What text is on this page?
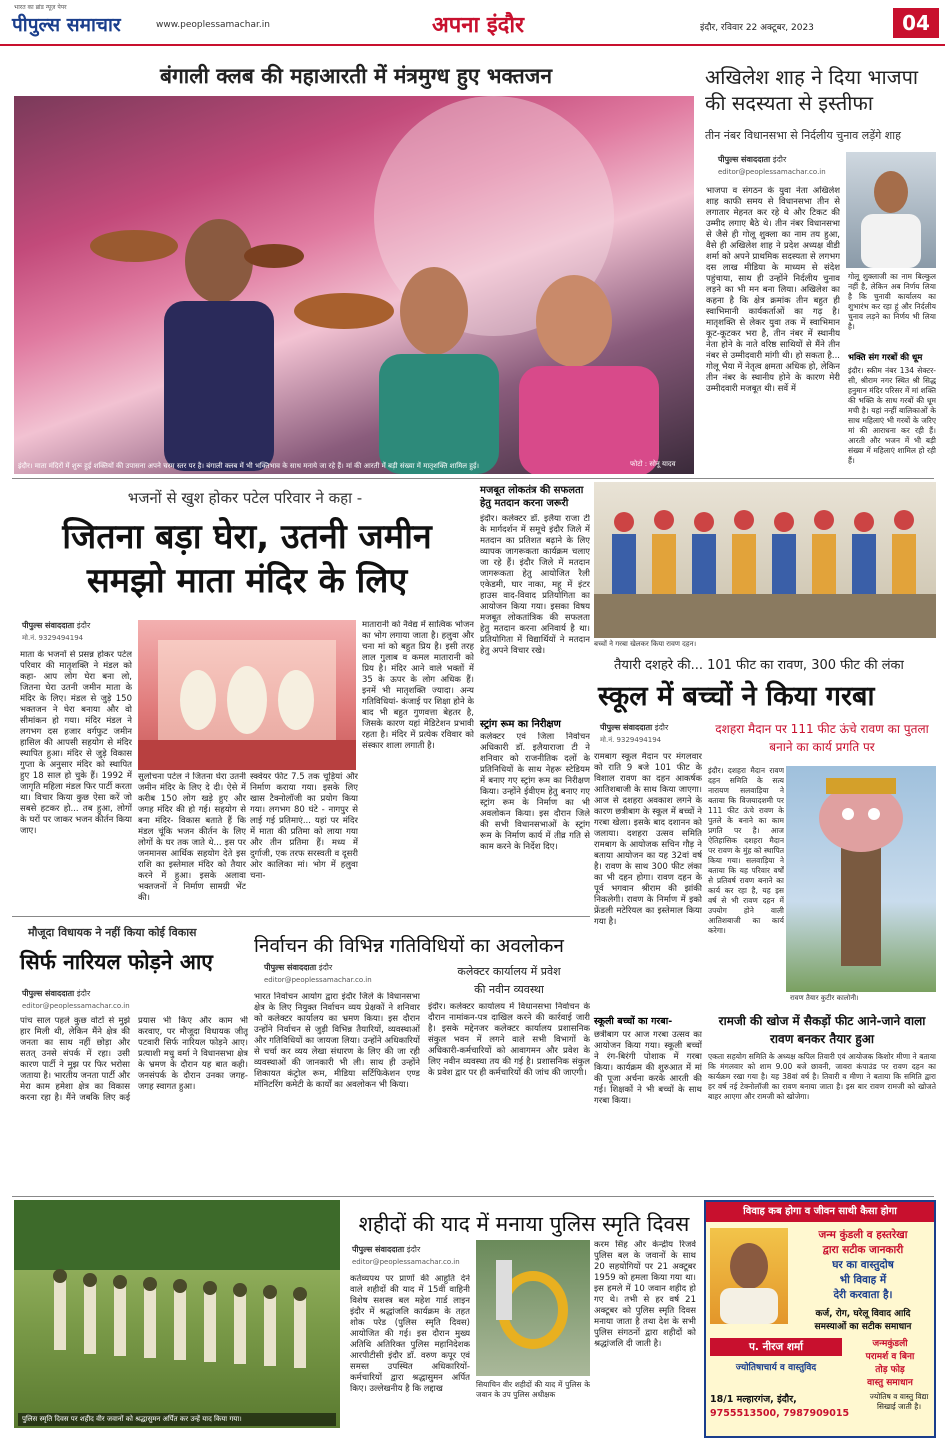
भारत का ब्रांड न्यूज़ पेपर
पीपुल्स समाचार	www.peoplessamachar.in	अपना इंदौर	इंदौर, रविवार 22 अक्टूबर, 2023	04
बंगाली क्लब की महाआरती में मंत्रमुग्ध हुए भक्तजन
इंदौर। माता मंदिरों में शुरू हुई शक्तियों की उपासना अपने चरम स्तर पर है। बंगाली क्लब में भी भक्तिभाव के साथ मनाये जा रहे हैं। मां की आरती में बड़ी संख्या में मातृशक्ति शामिल हुई।	फोटो : सोनू यादव
अखिलेश शाह ने दिया भाजपा की सदस्यता से इस्तीफा
तीन नंबर विधानसभा से निर्दलीय चुनाव लड़ेंगे शाह
पीपुल्स संवाददाता इंदौर
editor@peoplessamachar.co.in
भाजपा व संगठन के युवा नेता अखिलेश शाह काफी समय से विधानसभा तीन से लगातार मेहनत कर रहे थे और टिकट की उम्मीद लगाए बैठे थे। तीन नंबर विधानसभा से जैसे ही गोलू शुक्ला का नाम तय हुआ, वैसे ही अखिलेश शाह ने प्रदेश अध्यक्ष वीडी शर्मा को अपने प्राथमिक सदस्यता से लगभग दस लाख मीडिया के माध्यम से संदेश पहुंचाया, साथ ही उन्होंने निर्दलीय चुनाव लड़ने का भी मन बना लिया। अखिलेश का कहना है कि क्षेत्र क्रमांक तीन बहुत ही स्वाभिमानी कार्यकर्ताओं का गढ़ है। मातृशक्ति से लेकर युवा तक में स्वाभिमान कूट-कूटकर भरा है, तीन नंबर में स्थानीय नेता होने के नाते वरिष्ठ साथियों से मैंने तीन नंबर से उम्मीदवारी मांगी थी। हो सकता है... गोलू भैया में नेतृत्व क्षमता अधिक हो, लेकिन तीन नंबर के स्थानीय होने के कारण मेरी उम्मीदवारी मजबूत थी। सर्वे में
गोलू शुक्लाजी का नाम बिल्कुल नहीं है, लेकिन अब निर्णय लिया है कि चुनावी कार्यालय का शुभारंभ कर रहा हूं और निर्दलीय चुनाव लड़ने का निर्णय भी लिया है।
भक्ति संग गरबों की धूम
इंदौर। स्कीम नंबर 134 सेक्टर-सी, श्रीराम नगर स्थित श्री सिद्ध हनुमान मंदिर परिसर में मां शक्ति की भक्ति के साथ गरबों की धूम मची है। यहां नन्हीं बालिकाओं के साथ महिलाएं भी गरबों के जरिए मां की आराधना कर रही हैं। आरती और भजन में भी बड़ी संख्या में महिलाएं शामिल हो रही हैं।
भजनों से खुश होकर पटेल परिवार ने कहा -
जितना बड़ा घेरा, उतनी जमीन समझो माता मंदिर के लिए
पीपुल्स संवाददाता इंदौर
मो.नं. 9329494194
माता के भजनों से प्रसन्न होकर पटेल परिवार की मातृशक्ति ने मंडल को कहा- आप लोग घेरा बना लो, जितना घेरा उतनी जमीन माता के मंदिर के लिए। मंडल से जुड़े 150 भक्तजन ने घेरा बनाया और वो सीमांकन हो गया। मंदिर मंडल ने लगभग दस हजार वर्गफुट जमीन हासिल की आपसी सहयोग से मंदिर स्थापित हुआ। मंदिर से जुड़े विकास गुप्ता के अनुसार मंदिर को स्थापित हुए 18 साल हो चुके हैं। 1992 में जागृति महिला मंडल फिर पार्टी करता था। विचार किया कुछ ऐसा करें जो सबसे हटकर हो... तब हुआ, लोगों के घरों पर जाकर भजन कीर्तन किया जाए।
सुलोचना पटेल ने जितना घेरा उतनी जमीन मंदिर के लिए दे दी। ऐसे में करीब 150 लोग खड़े हुए और जगह मंदिर की हो गई। सहयोग से बना मंदिर- विकास बताते हैं कि मंडल चूंकि भजन कीर्तन के लिए लोगों के घर तक जाते थे... इस पर जनमानस आर्थिक सहयोग देते इस राशि का इस्तेमाल मंदिर को तैयार करने में हुआ। इसके अलावा भक्तजनों ने निर्माण सामग्री भेंट की।
स्क्वेयर फीट 7.5 तक चूड़ियां और निर्माण कराया गया। इसके लिए खास टैक्नोलॉजी का प्रयोग किया गया। लगभग 80 घंटे - नागपुर से लाई गई प्रतिमाएं... यहां पर मंदिर में माता की प्रतिमा को लाया गया और तीन प्रतिमा हैं। मध्य में दुर्गाजी, एक तरफ सरस्वती व दूसरी ओर कालिका मां। भोग में हलुवा चना-
मातारानी को नैवेद्य में सात्विक भोजन का भोग लगाया जाता है। हलुवा और चना मां को बहुत प्रिय है। इसी तरह लाल गुलाब व कमल मातारानी को प्रिय है। मंदिर आने वाले भक्तों में 35 के ऊपर के लोग अधिक हैं। इनमें भी मातृशक्ति ज्यादा। अन्य गतिविधियां- कंजाई पर शिक्षा होने के बाद भी बहुत गुणवत्ता बेहतर है, जिसके कारण यहां मेडिटेशन प्रभावी रहता है। मंदिर में प्रत्येक रविवार को संस्कार शाला लगाती है।
मजबूत लोकतंत्र की सफलता हेतु मतदान करना जरूरी
इंदौर। कलेक्टर डॉ. इलैया राजा टी के मार्गदर्शन में समूचे इंदौर जिले में मतदान का प्रतिशत बढ़ाने के लिए व्यापक जागरूकता कार्यक्रम चलाए जा रहे हैं। इंदौर जिले में मतदान जागरूकता हेतु आयोजित रैली एकेडमी, घार नाका, महू में इंटर हाउस वाद-विवाद प्रतियोगिता का आयोजन किया गया। इसका विषय मजबूत लोकतांत्रिक की सफलता हेतु मतदान करना अनिवार्य है था। प्रतियोगिता में विद्यार्थियों ने मतदान हेतु अपने विचार रखे।
स्ट्रांग रूम का निरीक्षण
कलेक्टर एवं जिला निर्वाचन अधिकारी डॉ. इलैयाराजा टी ने शनिवार को राजनीतिक दलों के प्रतिनिधियों के साथ नेहरू स्टेडियम में बनाए गए स्ट्रांग रूम का निरीक्षण किया। उन्होंने ईवीएम हेतु बनाए गए स्ट्रांग रूम के निर्माण का भी अवलोकन किया। इस दौरान जिले की सभी विधानसभाओं के स्ट्रांग रूम के निर्माण कार्य में तीव्र गति से काम करने के निर्देश दिए।
बच्चों ने गरबा खेलकर किया रावण दहन।
तैयारी दशहरे की... 101 फीट का रावण, 300 फीट की लंका
स्कूल में बच्चों ने किया गरबा
पीपुल्स संवाददाता इंदौर
मो.नं. 9329494194
रामबाग स्कूल मैदान पर मंगलवार को राति 9 बजे 101 फीट के विशाल रावण का दहन आकर्षक आतिशबाजी के साथ किया जाएगा। आज से दशहरा अवकाश लगने के कारण छत्रीबाग के स्कूल में बच्चों ने गरबा खेला। इसके बाद दशानन को जलाया। दशहरा उत्सव समिति रामबाग के आयोजक सचिन गौड़ ने बताया आयोजन का यह 32वां वर्ष है। रावण के साथ 300 फीट लंका का भी दहन होगा। रावण दहन के पूर्व भगवान श्रीराम की झांकी निकलेगी। रावण के निर्माण में इको फ्रेंडली मटेरियल का इस्तेमाल किया गया है।
स्कूली बच्चों का गरबा-
छत्रीबाग पर आज गरबा उत्सव का आयोजन किया गया। स्कूली बच्चों ने रंग-बिरंगी पोशाक में गरबा किया। कार्यक्रम की शुरुआत में मां की पूजा अर्चना करके आरती की गई। शिक्षकों ने भी बच्चों के साथ गरबा किया।
दशहरा मैदान पर 111 फीट ऊंचे रावण का पुतला बनाने का कार्य प्रगति पर
इंदौर। दशहरा मैदान रावण दहन समिति के सत्य नारायण सलवाड़िया ने बताया कि विजयादशमी पर 111 फीट ऊंचे रावण के पुतले के बनाने का काम प्रगति पर है। आज ऐतिहासिक दशहरा मैदान पर रावण के मुंह को स्थापित किया गया। सलवाड़िया ने बताया कि यह परिवार वर्षों से प्रतिवर्ष रावण बनाने का कार्य कर रहा है, यह इस वर्ष से भी रावण दहन में उपयोग होने वाली आतिशबाजी का कार्य करेगा।
रावण तैयार कुटीर कालोनी।
रामजी की खोज में सैकड़ों फीट आने-जाने वाला रावण बनकर तैयार हुआ
एकता सहयोग समिति के अध्यक्ष कपिल तिवारी एवं आयोजक किशोर मीणा ने बताया कि मंगलवार को शाम 9.00 बजे छावनी, जावरा कंपाउंड पर रावण दहन का कार्यक्रम रखा गया है। यह 38वां वर्ष है। तिवारी व मीणा ने बताया कि समिति द्वारा हर वर्ष नई टेक्नोलॉजी का रावण बनाया जाता है। इस बार रावण रामजी को खोजते बाहर आएगा और रामजी को खोजेगा।
मौजूदा विधायक ने नहीं किया कोई विकास
सिर्फ नारियल फोड़ने आए
पीपुल्स संवाददाता इंदौर
editor@peoplessamachar.co.in
पांच साल पहले कुछ वोटों से मुझे हार मिली थी, लेकिन मैंने क्षेत्र की जनता का साथ नहीं छोड़ा और सतत् उनसे संपर्क में रहा। उसी कारण पार्टी ने मुझ पर फिर भरोसा जताया है। भारतीय जनता पार्टी और मेरा काम हमेशा क्षेत्र का विकास करना रहा है। मैंने जबकि लिए कई प्रयास भी किए और काम भी करवाए, पर मौजूदा विधायक जीतू पटवारी सिर्फ नारियल फोड़ने आए। प्रत्याशी मधु वर्मा ने विधानसभा क्षेत्र के भ्रमण के दौरान यह बात कही। जनसंपर्क के दौरान उनका जगह-जगह स्वागत हुआ।
निर्वाचन की विभिन्न गतिविधियों का अवलोकन
पीपुल्स संवाददाता इंदौर
editor@peoplessamachar.co.in
भारत निर्वाचन आयोग द्वारा इंदौर जिले के विधानसभा क्षेत्र के लिए नियुक्त निर्वाचन व्यय प्रेक्षकों ने शनिवार को कलेक्टर कार्यालय का भ्रमण किया। इस दौरान उन्होंने निर्वाचन से जुड़ी विभिन्न तैयारियों, व्यवस्थाओं और गतिविधियों का जायजा लिया। उन्होंने अधिकारियों से चर्चा कर व्यय लेखा संधारण के लिए की जा रही व्यवस्थाओं की जानकारी भी ली। साथ ही उन्होंने शिकायत कंट्रोल रूम, मीडिया सर्टिफिकेशन एण्ड मॉनिटरिंग कमेटी के कार्यों का अवलोकन भी किया।
कलेक्टर कार्यालय में प्रवेश
की नवीन व्यवस्था
इंदौर। कलेक्टर कार्यालय में विधानसभा निर्वाचन के दौरान नामांकन-पत्र दाखिल करने की कार्रवाई जारी है। इसके मद्देनजर कलेक्टर कार्यालय प्रशासनिक संकुल भवन में लगने वाले सभी विभागों के अधिकारी-कर्मचारियों को आवागमन और प्रवेश के लिए नवीन व्यवस्था तय की गई है। प्रशासनिक संकुल के प्रवेश द्वार पर ही कर्मचारियों की जांच की जाएगी।
पुलिस स्मृति दिवस पर शहीद वीर जवानों को श्रद्धासुमन अर्पित कर उन्हें याद किया गया।
शहीदों की याद में मनाया पुलिस स्मृति दिवस
पीपुल्स संवाददाता इंदौर
editor@peoplessamachar.co.in
कर्तव्यपथ पर प्राणों की आहुति देने वाले शहीदों की याद में 15वीं वाहिनी विशेष सशस्त्र बल महेश गार्ड लाइन इंदौर में श्रद्धांजलि कार्यक्रम के तहत शोक परेड (पुलिस स्मृति दिवस) आयोजित की गई। इस दौरान मुख्य अतिथि अतिरिक्त पुलिस महानिदेशक आरपीटीसी इंदौर डॉ. वरुण कपूर एवं समस्त उपस्थित अधिकारियों-कर्मचारियों द्वारा श्रद्धासुमन अर्पित किए। उल्लेखनीय है कि लद्दाख	सियाचिन वीर शहीदों की याद में पुलिस के जवान के उप पुलिस अधीक्षक
करम सिंह और केन्द्रीय रिजर्व पुलिस बल के जवानों के साथ 20 सहयोगियों पर 21 अक्टूबर 1959 को हमला किया गया था। इस हमले में 10 जवान शहीद हो गए थे। तभी से हर वर्ष 21 अक्टूबर को पुलिस स्मृति दिवस मनाया जाता है तथा देश के सभी पुलिस संगठनों द्वारा शहीदों को श्रद्धांजलि दी जाती है।
विवाह कब होगा व जीवन साथी कैसा होगा
जन्म कुंडली व हस्तरेखा
द्वारा सटीक जानकारी
घर का वास्तुदोष
भी विवाह में
देरी करवाता है।
कर्ज, रोग, घरेलू विवाद आदि
समस्याओं का सटीक समाधान
जन्मकुंडली
परामर्श व बिना
तोड़ फोड़
वास्तु समाधान
प. नीरज शर्मा
ज्योतिषाचार्य व वास्तुविद
18/1 मल्हारगंज, इंदौर,
9755513500, 7987909015
ज्योतिष व वास्तु विद्या सिखाई जाती है।
